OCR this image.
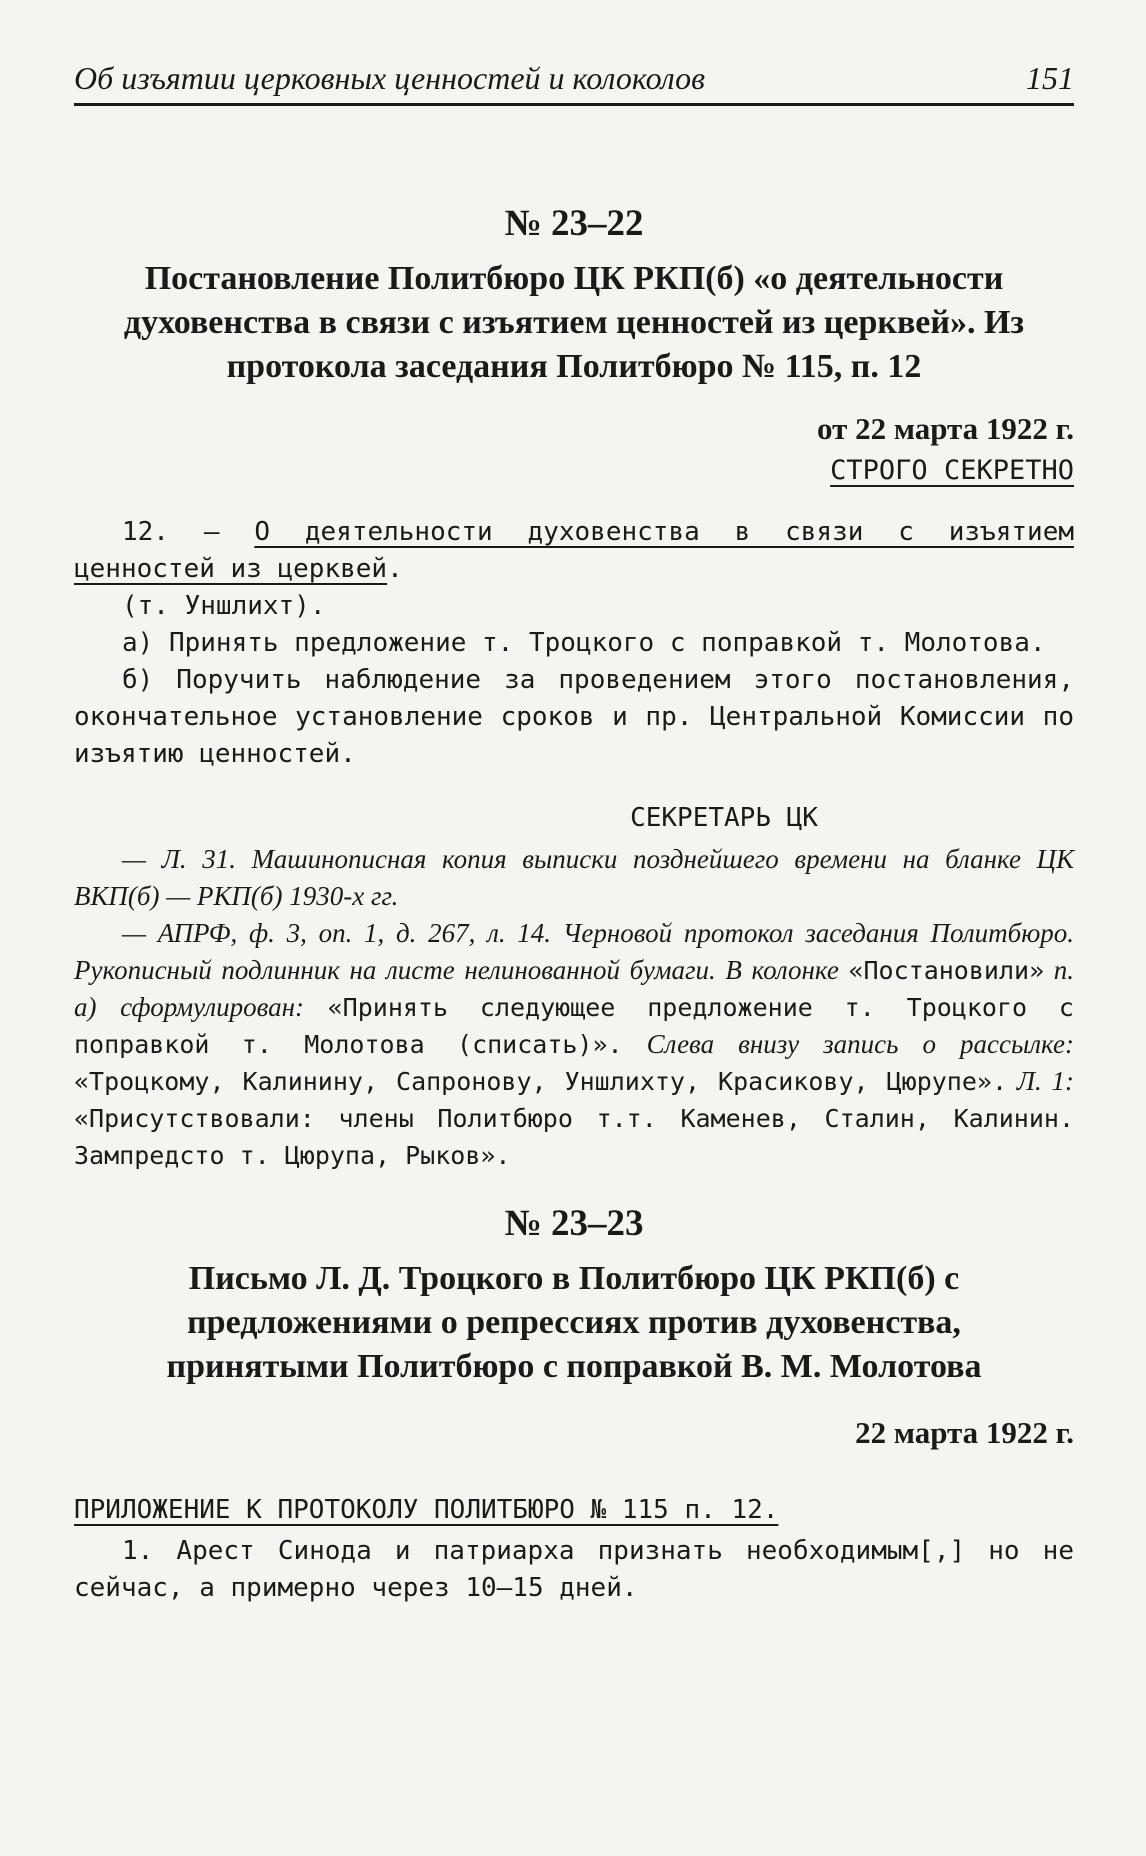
Об изъятии церковных ценностей и колоколов	151
№ 23–22
Постановление Политбюро ЦК РКП(б) «о деятельности духовенства в связи с изъятием ценностей из церквей». Из протокола заседания Политбюро № 115, п. 12
от 22 марта 1922 г.
СТРОГО СЕКРЕТНО

12. — О деятельности духовенства в связи с изъятием ценностей из церквей.

(т. Уншлихт).

а) Принять предложение т. Троцкого с поправкой т. Молотова.

б) Поручить наблюдение за проведением этого постановления, окончательное установление сроков и пр. Центральной Комиссии по изъятию ценностей.

СЕКРЕТАРЬ ЦК

— Л. 31. Машинописная копия выписки позднейшего времени на бланке ЦК ВКП(б) — РКП(б) 1930-х гг.

— АПРФ, ф. 3, оп. 1, д. 267, л. 14. Черновой протокол заседания Политбюро. Рукописный подлинник на листе нелинованной бумаги. В колонке «Постановили» п. а) сформулирован: «Принять следующее предложение т. Троцкого с поправкой т. Молотова (списать)». Слева внизу запись о рассылке: «Троцкому, Калинину, Сапронову, Уншлихту, Красикову, Цюрупе». Л. 1: «Присутствовали: члены Политбюро т.т. Каменев, Сталин, Калинин. Зампредсто т. Цюрупа, Рыков».

№ 23–23
Письмо Л. Д. Троцкого в Политбюро ЦК РКП(б) с предложениями о репрессиях против духовенства, принятыми Политбюро с поправкой В. М. Молотова
22 марта 1922 г.
ПРИЛОЖЕНИЕ К ПРОТОКОЛУ ПОЛИТБЮРО № 115 п. 12.

1. Арест Синода и патриарха признать необходимым[,] но не сейчас, а примерно через 10–15 дней.
